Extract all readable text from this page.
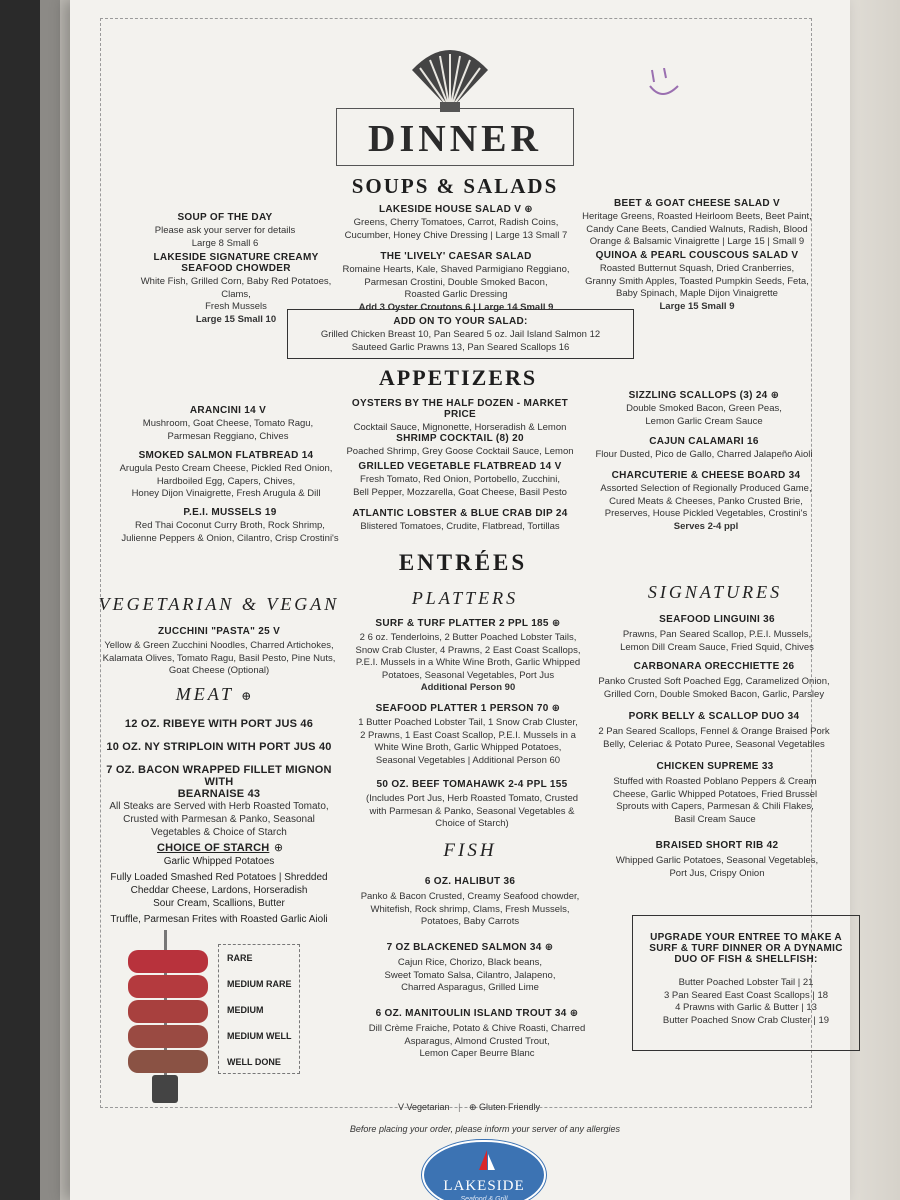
DINNER
SOUPS & SALADS
SOUP OF THE DAY
Please ask your server for details
Large 8 Small 6
LAKESIDE SIGNATURE CREAMY
SEAFOOD CHOWDER
White Fish, Grilled Corn, Baby Red Potatoes, Clams,
Fresh Mussels
Large 15 Small 10
LAKESIDE HOUSE SALAD V ⊕
Greens, Cherry Tomatoes, Carrot, Radish Coins,
Cucumber, Honey Chive Dressing | Large 13 Small 7
THE 'LIVELY' CAESAR SALAD
Romaine Hearts, Kale, Shaved Parmigiano Reggiano,
Parmesan Crostini, Double Smoked Bacon,
Roasted Garlic Dressing
Add 3 Oyster Croutons 6 | Large 14 Small 9
BEET & GOAT CHEESE SALAD V
Heritage Greens, Roasted Heirloom Beets, Beet Paint,
Candy Cane Beets, Candied Walnuts, Radish, Blood
Orange & Balsamic Vinaigrette | Large 15 | Small 9
QUINOA & PEARL COUSCOUS SALAD V
Roasted Butternut Squash, Dried Cranberries,
Granny Smith Apples, Toasted Pumpkin Seeds, Feta,
Baby Spinach, Maple Dijon Vinaigrette
Large 15 Small 9
ADD ON TO YOUR SALAD:
Grilled Chicken Breast 10, Pan Seared 5 oz. Jail Island Salmon 12
Sauteed Garlic Prawns 13, Pan Seared Scallops 16
APPETIZERS
ARANCINI 14 V
Mushroom, Goat Cheese, Tomato Ragu,
Parmesan Reggiano, Chives
SMOKED SALMON FLATBREAD 14
Arugula Pesto Cream Cheese, Pickled Red Onion,
Hardboiled Egg, Capers, Chives,
Honey Dijon Vinaigrette, Fresh Arugula & Dill
P.E.I. MUSSELS 19
Red Thai Coconut Curry Broth, Rock Shrimp,
Julienne Peppers & Onion, Cilantro, Crisp Crostini's
OYSTERS BY THE HALF DOZEN - MARKET PRICE
Cocktail Sauce, Mignonette, Horseradish & Lemon
SHRIMP COCKTAIL (8) 20
Poached Shrimp, Grey Goose Cocktail Sauce, Lemon
GRILLED VEGETABLE FLATBREAD 14 V
Fresh Tomato, Red Onion, Portobello, Zucchini,
Bell Pepper, Mozzarella, Goat Cheese, Basil Pesto
ATLANTIC LOBSTER & BLUE CRAB DIP 24
Blistered Tomatoes, Crudite, Flatbread, Tortillas
SIZZLING SCALLOPS (3) 24 ⊕
Double Smoked Bacon, Green Peas,
Lemon Garlic Cream Sauce
CAJUN CALAMARI 16
Flour Dusted, Pico de Gallo, Charred Jalapeño Aioli
CHARCUTERIE & CHEESE BOARD 34
Assorted Selection of Regionally Produced Game,
Cured Meats & Cheeses, Panko Crusted Brie,
Preserves, House Pickled Vegetables, Crostini's
Serves 2-4 ppl
ENTRÉES
VEGETARIAN & VEGAN
ZUCCHINI "PASTA" 25 V
Yellow & Green Zucchini Noodles, Charred Artichokes,
Kalamata Olives, Tomato Ragu, Basil Pesto, Pine Nuts,
Goat Cheese (Optional)
MEAT ⊕
12 OZ. RIBEYE WITH PORT JUS 46
10 OZ. NY STRIPLOIN WITH PORT JUS 40
7 OZ. BACON WRAPPED FILLET MIGNON WITH
BEARNAISE 43
All Steaks are Served with Herb Roasted Tomato,
Crusted with Parmesan & Panko, Seasonal
Vegetables & Choice of Starch
CHOICE OF STARCH ⊕
Garlic Whipped Potatoes
Fully Loaded Smashed Red Potatoes | Shredded
Cheddar Cheese, Lardons, Horseradish
Sour Cream, Scallions, Butter
Truffle, Parmesan Frites with Roasted Garlic Aioli
RARE
MEDIUM RARE
MEDIUM
MEDIUM WELL
WELL DONE
PLATTERS
SURF & TURF PLATTER 2 PPL 185 ⊕
2 6 oz. Tenderloins, 2 Butter Poached Lobster Tails,
Snow Crab Cluster, 4 Prawns, 2 East Coast Scallops,
P.E.I. Mussels in a White Wine Broth, Garlic Whipped
Potatoes, Seasonal Vegetables, Port Jus
Additional Person 90
SEAFOOD PLATTER 1 PERSON 70 ⊕
1 Butter Poached Lobster Tail, 1 Snow Crab Cluster,
2 Prawns, 1 East Coast Scallop, P.E.I. Mussels in a
White Wine Broth, Garlic Whipped Potatoes,
Seasonal Vegetables | Additional Person 60
50 OZ. BEEF TOMAHAWK 2-4 PPL 155
(Includes Port Jus, Herb Roasted Tomato, Crusted
with Parmesan & Panko, Seasonal Vegetables &
Choice of Starch)
FISH
6 OZ. HALIBUT 36
Panko & Bacon Crusted, Creamy Seafood chowder,
Whitefish, Rock shrimp, Clams, Fresh Mussels,
Potatoes, Baby Carrots
7 OZ BLACKENED SALMON 34 ⊕
Cajun Rice, Chorizo, Black beans,
Sweet Tomato Salsa, Cilantro, Jalapeno,
Charred Asparagus, Grilled Lime
6 OZ. MANITOULIN ISLAND TROUT 34 ⊕
Dill Crème Fraiche, Potato & Chive Roasti, Charred
Asparagus, Almond Crusted Trout,
Lemon Caper Beurre Blanc
SIGNATURES
SEAFOOD LINGUINI 36
Prawns, Pan Seared Scallop, P.E.I. Mussels,
Lemon Dill Cream Sauce, Fried Squid, Chives
CARBONARA ORECCHIETTE 26
Panko Crusted Soft Poached Egg, Caramelized Onion,
Grilled Corn, Double Smoked Bacon, Garlic, Parsley
PORK BELLY & SCALLOP DUO 34
2 Pan Seared Scallops, Fennel & Orange Braised Pork
Belly, Celeriac & Potato Puree, Seasonal Vegetables
CHICKEN SUPREME 33
Stuffed with Roasted Poblano Peppers & Cream
Cheese, Garlic Whipped Potatoes, Fried Brussel
Sprouts with Capers, Parmesan & Chili Flakes,
Basil Cream Sauce
BRAISED SHORT RIB 42
Whipped Garlic Potatoes, Seasonal Vegetables,
Port Jus, Crispy Onion
UPGRADE YOUR ENTREE TO MAKE A
SURF & TURF DINNER OR A DYNAMIC
DUO OF FISH & SHELLFISH:
Butter Poached Lobster Tail | 21
3 Pan Seared East Coast Scallops | 18
4 Prawns with Garlic & Butter | 13
Butter Poached Snow Crab Cluster | 19
V Vegetarian | ⊕ Gluten Friendly
Before placing your order, please inform your server of any allergies
LAKESIDE
Seafood & Grill
